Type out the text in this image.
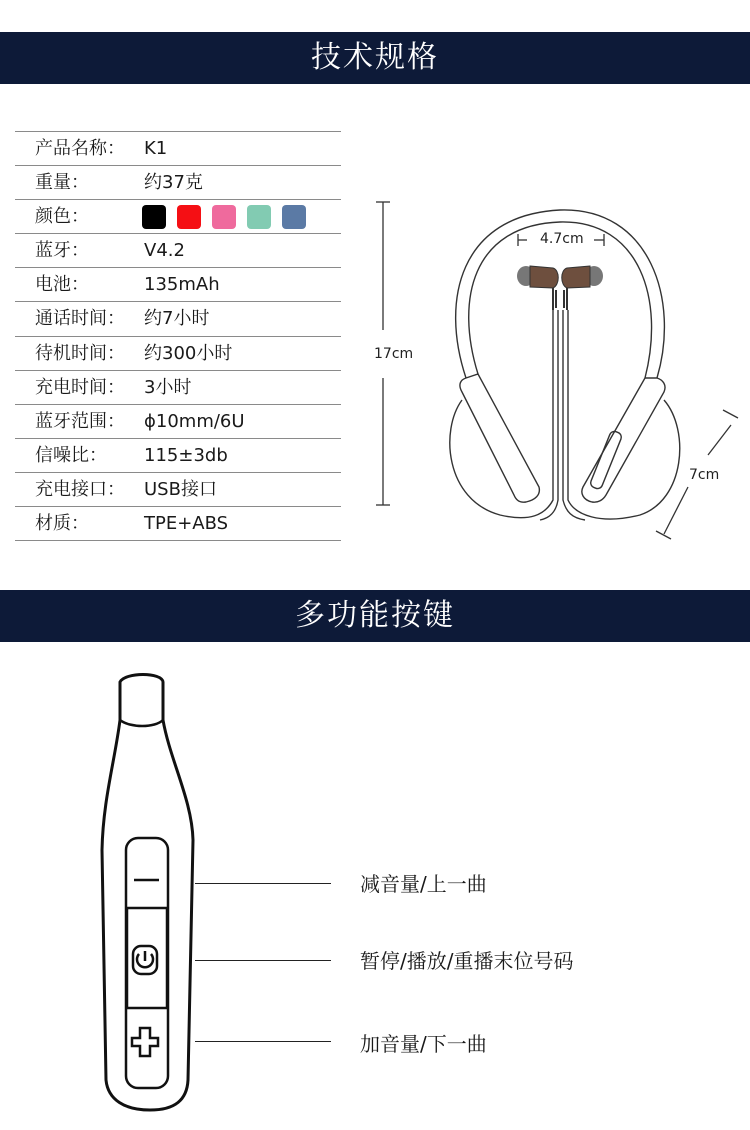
技术规格
产品名称： K1
重量：	约37克
颜色：
蓝牙：	V4.2
电池：	135mAh
通话时间： 约7小时
待机时间： 约300小时
充电时间： 3小时
蓝牙范围： ϕ10mm/6U
信噪比： 115±3db
充电接口： USB接口
材质：	TPE+ABS
17cm
4.7cm
7cm
多功能按键
减音量/上一曲
暂停/播放/重播末位号码
加音量/下一曲
